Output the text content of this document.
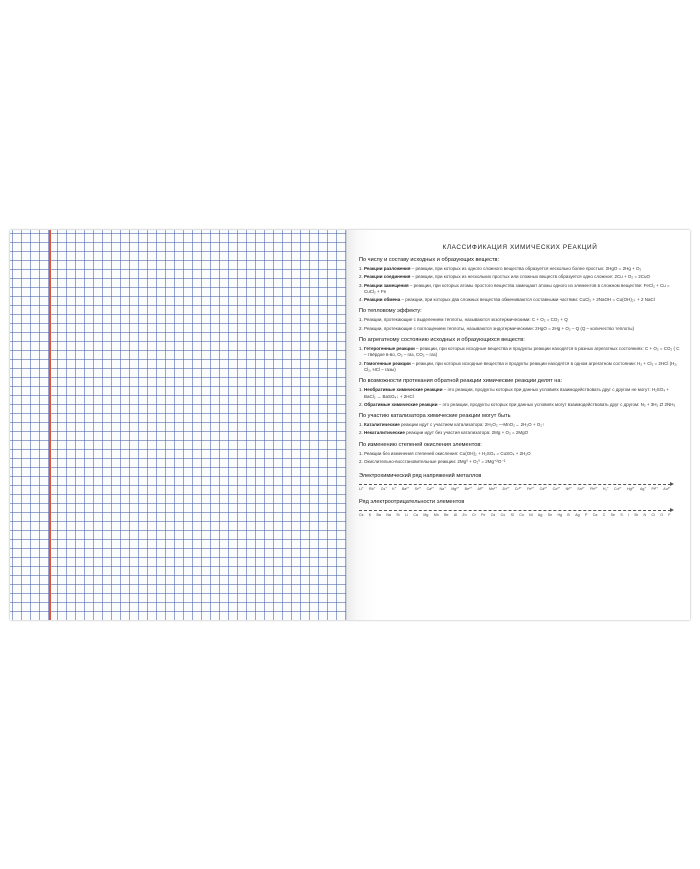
КЛАССИФИКАЦИЯ ХИМИЧЕСКИХ РЕАКЦИЙ
По числу и составу исходных и образующих веществ:
1. Реакции разложения – реакции, при которых из одного сложного вещества образуется несколько более простых: 2HgO = 2Hg + O₂
2. Реакции соединения – реакции, при которых из нескольких простых или сложных веществ образуется одно сложное: 2Cu + O₂ = 2CuO
3. Реакции замещения – реакции, при которых атомы простого вещества замещают атомы одного из элементов в сложном веществе: FeCl₂ + Cu = CuCl₂ + Fe
4. Реакции обмена – реакции, при которых два сложных вещества обмениваются составными частями: CuCl₂ + 2NaOH = Cu(OH)₂↓ + 2 NaCl
По тепловому эффекту:
1. Реакции, протекающие с выделением теплоты, называются экзотермическими: C + O₂ = CO₂ + Q
2. Реакции, протекающие с поглощением теплоты, называются эндотермическими: 2HgO = 2Hg + O₂ – Q (Q – количество теплоты)
По агрегатному состоянию исходных и образующихся веществ:
1. Гетерогенные реакции – реакции, при которых исходные вещества и продукты реакции находятся в разных агрегатных состояниях: C + O₂ = CO₂ ( C – твёрдое в-во, O₂ – газ, CO₂ – газ)
2. Гомогенные реакции – реакции, при которых исходные вещества и продукты реакции находятся в одном агрегатном состоянии: H₂ + Cl₂ = 2HCl (H₂, Cl₂, HCl – газы)
По возможности протекания обратной реакции химические реакции делят на:
1. Необратимые химические реакции – это реакции, продукты которых при данных условиях взаимодействовать друг с другом не могут: H₂SO₄ + BaCl₂ → BaSO₄↓ + 2HCl
2. Обратимые химические реакции – это реакции, продукты которых при данных условиях могут взаимодействовать друг с другом: N₂ + 3H₂ ⇄ 2NH₃
По участию катализатора химические реакции могут быть
1. Каталитические реакции идут с участием катализатора: 2H₂O₂ —MnO₂→ 2H₂O + O₂↑
2. Некаталитические реакции идут без участия катализатора: 2Mg + O₂ = 2MgO
По изменению степеней окисления элементов:
1. Реакции без изменения степеней окисления: Cu(OH)₂ + H₂SO₄ = CuSO₄ + 2H₂O
2. Окислительно-восстановительные реакции: 2Mg⁰ + O₂⁰ = 2Mg⁺²O⁻²
Электрохимический ряд напряжений металлов
Li⁺ Rb⁺ Cs⁺ K⁺ Ba²⁺ Sr²⁺ Ca²⁺ Na⁺ Mg²⁺ Be²⁺ Al³⁺ Mn²⁺ Zn²⁺ Cr³⁺ Fe²⁺ Cd²⁺ Co²⁺ Ni²⁺ Sn²⁺ Pb²⁺ H₂⁺ Cu²⁺ Hg²⁺ Ag⁺ Pt²⁺ Au³⁺
Ряд электроотрицательности элементов
Cs K Ba Na Sr Li Ca Mg Mn Be Al Zn Cr Fe Cd Co Si Cu Ni Ag Sn Hg B Ag P Ca C Se S I Br N Cl O F
